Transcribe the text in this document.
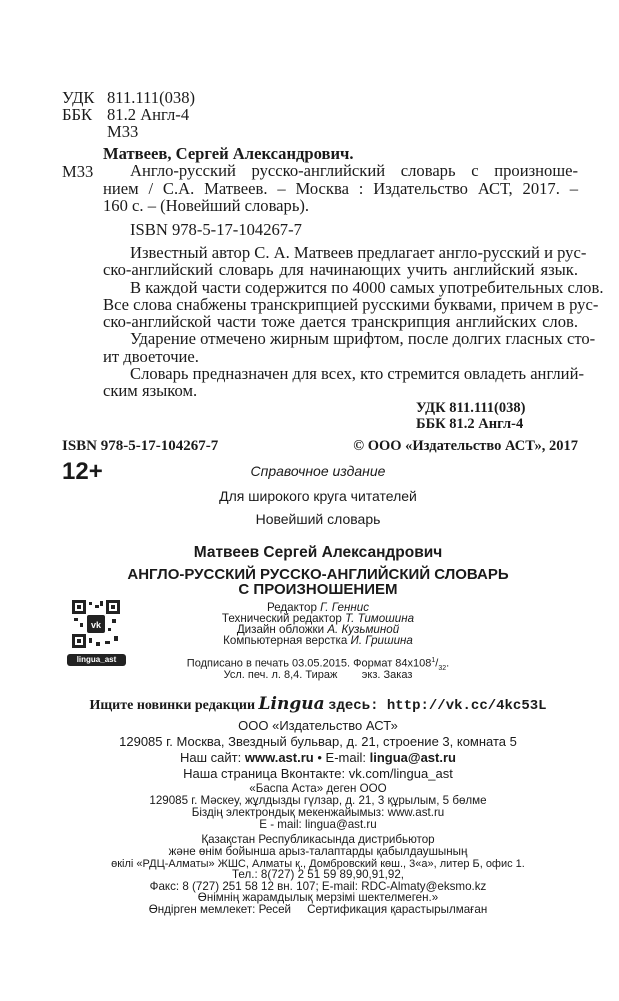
УДК 811.111(038)
ББК 81.2 Англ-4
М33
Матвеев, Сергей Александрович.
М33	Англо-русский русско-английский словарь с произноше-
нием / С.А. Матвеев. – Москва : Издательство АСТ, 2017. –
160 с. – (Новейший словарь).
ISBN 978-5-17-104267-7
Известный автор С. А. Матвеев предлагает англо-русский и рус-
ско-английский словарь для начинающих учить английский язык.
В каждой части содержится по 4000 самых употребительных слов.
Все слова снабжены транскрипцией русскими буквами, причем в рус-
ско-английской части тоже дается транскрипция английских слов.
Ударение отмечено жирным шрифтом, после долгих гласных сто-
ит двоеточие.
Словарь предназначен для всех, кто стремится овладеть англий-
ским языком.
УДК 811.111(038)
ББК 81.2 Англ-4
ISBN 978-5-17-104267-7	© ООО «Издательство АСТ», 2017
12+	Справочное издание
Для широкого круга читателей
Новейший словарь
Матвеев Сергей Александрович
АНГЛО-РУССКИЙ РУССКО-АНГЛИЙСКИЙ СЛОВАРЬ
С ПРОИЗНОШЕНИЕМ
vk
lingua_ast
Редактор Г. Геннис
Технический редактор Т. Тимошина
Дизайн обложки А. Кузьминой
Компьютерная верстка И. Гришина
Подписано в печать 03.05.2015. Формат $84x108^1/_{32}$.
Усл. печ. л. 8,4. Тираж        экз. Заказ
Ищите новинки редакции Lingua здесь: http://vk.cc/4kc53L
ООО «Издательство АСТ»
129085 г. Москва, Звездный бульвар, д. 21, строение 3, комната 5
Наш сайт: www.ast.ru • E-mail: lingua@ast.ru
Наша страница Вконтакте: vk.com/lingua_ast
«Баспа Аста» деген ООО
129085 г. Мәскеу, жұлдызды гүлзар, д. 21, 3 құрылым, 5 бөлме
Біздің электрондық мекенжайымыз: www.ast.ru
E - mail: lingua@ast.ru
Қазақстан Республикасында дистрибьютор
және өнім бойынша арыз-талаптарды қабылдаушының
өкілі «РДЦ-Алматы» ЖШС, Алматы қ., Домбровский көш., 3«а», литер Б, офис 1.
Тел.: 8(727) 2 51 59 89,90,91,92,
Факс: 8 (727) 251 58 12 вн. 107; E-mail: RDC-Almaty@eksmo.kz
Өнімнің жарамдылық мерзімі шектелмеген.»
Өндірген мемлекет: Ресей     Сертификация қарастырылмаған
